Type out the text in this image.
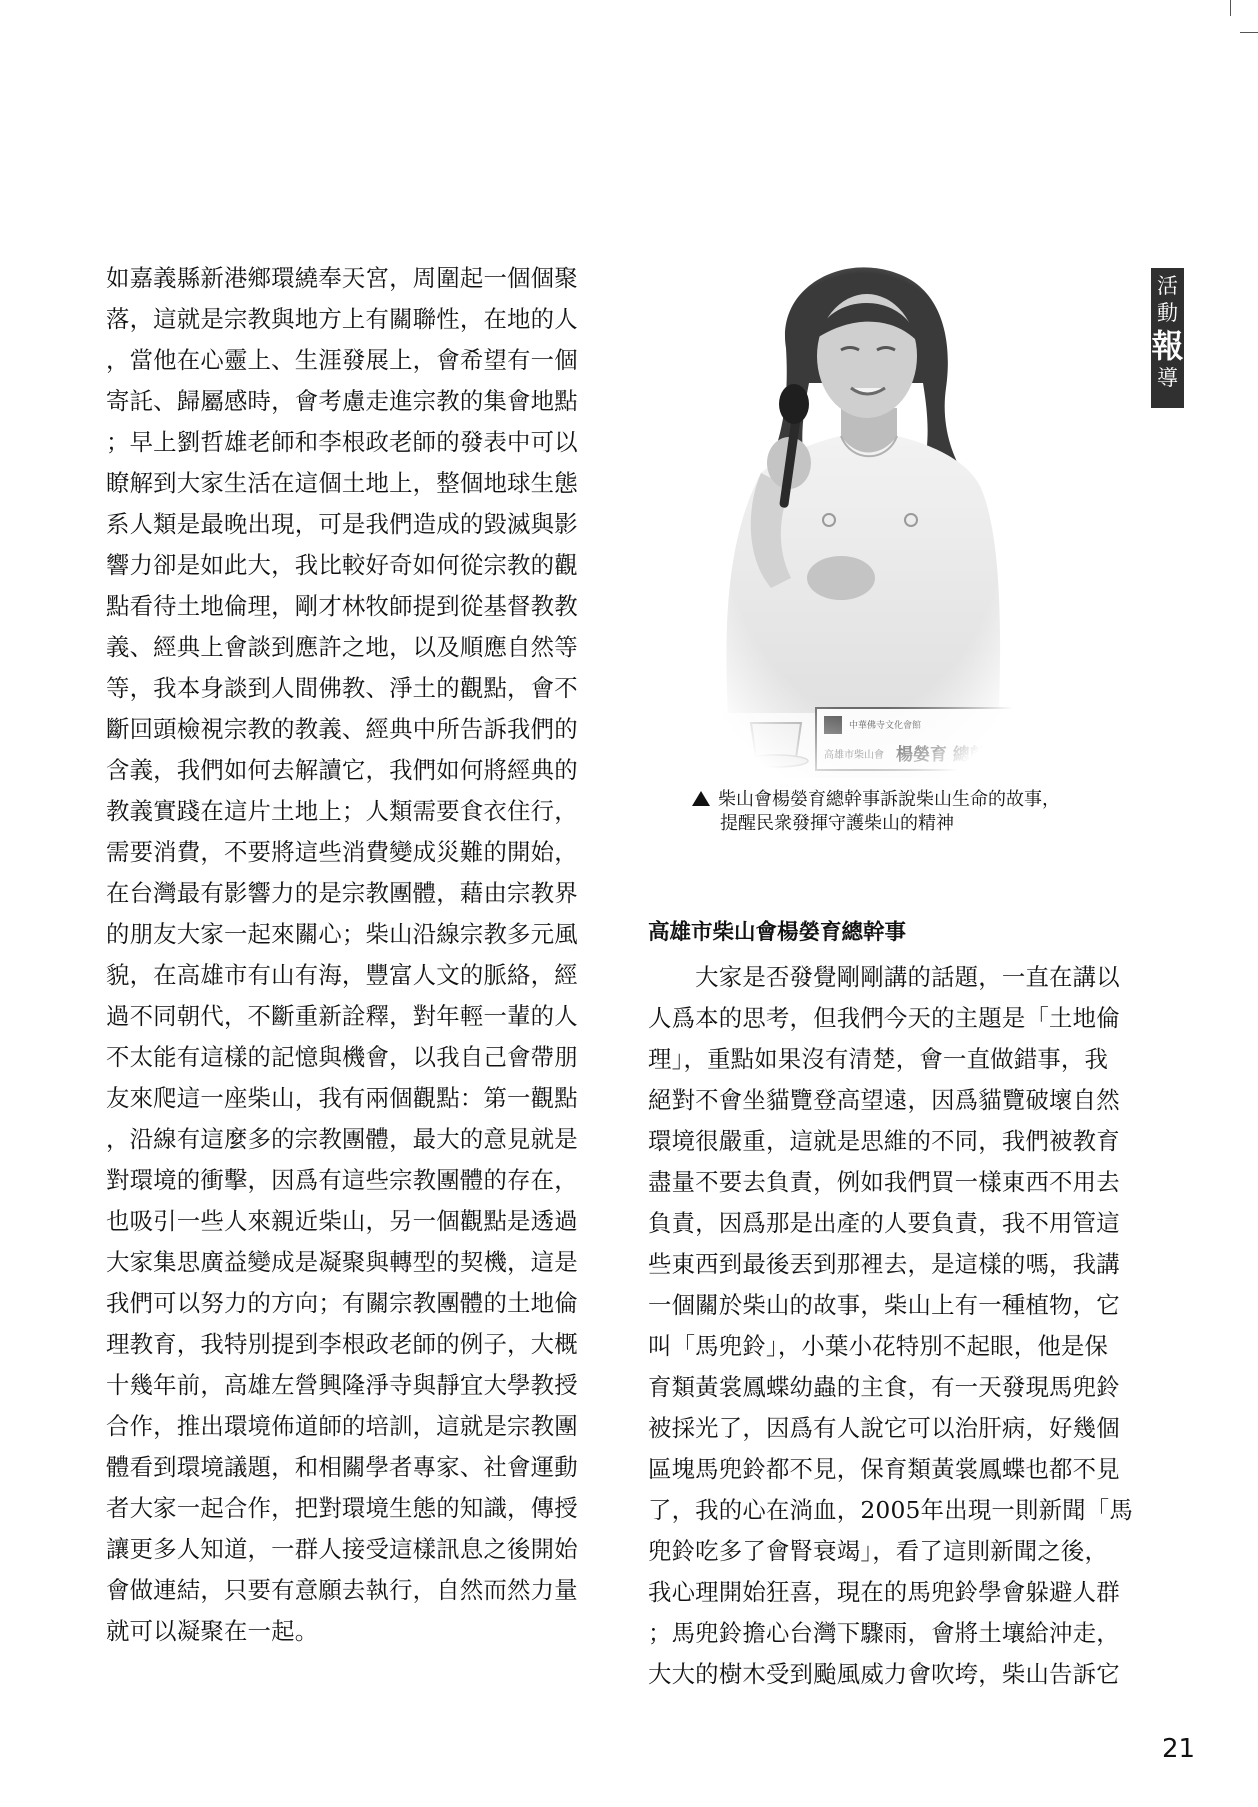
如嘉義縣新港鄉環繞奉天宮，周圍起一個個聚
落，這就是宗教與地方上有關聯性，在地的人
，當他在心靈上、生涯發展上，會希望有一個
寄託、歸屬感時，會考慮走進宗教的集會地點
；早上劉哲雄老師和李根政老師的發表中可以
瞭解到大家生活在這個土地上，整個地球生態
系人類是最晚出現，可是我們造成的毀滅與影
響力卻是如此大，我比較好奇如何從宗教的觀
點看待土地倫理，剛才林牧師提到從基督教教
義、經典上會談到應許之地，以及順應自然等
等，我本身談到人間佛教、淨土的觀點，會不
斷回頭檢視宗教的教義、經典中所告訴我們的
含義，我們如何去解讀它，我們如何將經典的
教義實踐在這片土地上；人類需要食衣住行，
需要消費，不要將這些消費變成災難的開始，
在台灣最有影響力的是宗教團體，藉由宗教界
的朋友大家一起來關心；柴山沿線宗教多元風
貌，在高雄市有山有海，豐富人文的脈絡，經
過不同朝代，不斷重新詮釋，對年輕一輩的人
不太能有這樣的記憶與機會，以我自己會帶朋
友來爬這一座柴山，我有兩個觀點：第一觀點
，沿線有這麼多的宗教團體，最大的意見就是
對環境的衝擊，因爲有這些宗教團體的存在，
也吸引一些人來親近柴山，另一個觀點是透過
大家集思廣益變成是凝聚與轉型的契機，這是
我們可以努力的方向；有關宗教團體的土地倫
理教育，我特別提到李根政老師的例子，大概
十幾年前，高雄左營興隆淨寺與靜宜大學教授
合作，推出環境佈道師的培訓，這就是宗教團
體看到環境議題，和相關學者專家、社會運動
者大家一起合作，把對環境生態的知識，傳授
讓更多人知道，一群人接受這樣訊息之後開始
會做連結，只要有意願去執行，自然而然力量
就可以凝聚在一起。
活
動
報
導
柴山會楊嫈育總幹事訴說柴山生命的故事，
提醒民衆發揮守護柴山的精神
高雄市柴山會楊嫈育總幹事
　　大家是否發覺剛剛講的話題，一直在講以
人爲本的思考，但我們今天的主題是「土地倫
理」，重點如果沒有清楚，會一直做錯事，我
絕對不會坐貓覽登高望遠，因爲貓覽破壞自然
環境很嚴重，這就是思維的不同，我們被教育
盡量不要去負責，例如我們買一樣東西不用去
負責，因爲那是出產的人要負責，我不用管這
些東西到最後丟到那裡去，是這樣的嗎，我講
一個關於柴山的故事，柴山上有一種植物，它
叫「馬兜鈴」，小葉小花特別不起眼，他是保
育類黃裳鳳蝶幼蟲的主食，有一天發現馬兜鈴
被採光了，因爲有人說它可以治肝病，好幾個
區塊馬兜鈴都不見，保育類黃裳鳳蝶也都不見
了，我的心在淌血，2005年出現一則新聞「馬
兜鈴吃多了會腎衰竭」，看了這則新聞之後，
我心理開始狂喜，現在的馬兜鈴學會躲避人群
；馬兜鈴擔心台灣下驟雨，會將土壤給沖走，
大大的樹木受到颱風威力會吹垮，柴山告訴它
21
